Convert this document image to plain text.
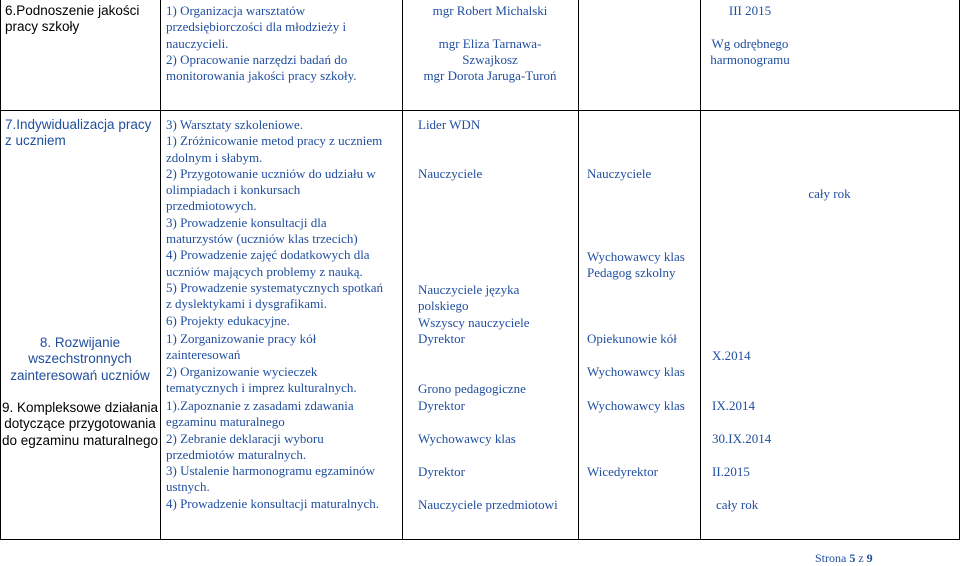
6.Podnoszenie jakości
pracy szkoły
1) Organizacja warsztatów
przedsiębiorczości dla młodzieży i
nauczycieli.
2) Opracowanie narzędzi badań do
monitorowania jakości pracy szkoły.
mgr Robert Michalski

mgr Eliza Tarnawa-
Szwajkosz
mgr Dorota Jaruga-Turoń
III 2015

Wg odrębnego
harmonogramu
7.Indywidualizacja pracy
z uczniem
3) Warsztaty szkoleniowe.
1) Zróżnicowanie metod pracy z uczniem
zdolnym i słabym.
2) Przygotowanie uczniów do udziału w
olimpiadach i konkursach
przedmiotowych.
3) Prowadzenie konsultacji dla
maturzystów (uczniów klas trzecich)
4) Prowadzenie zajęć dodatkowych dla
uczniów mających problemy z nauką.
5) Prowadzenie systematycznych spotkań
z dyslektykami i dysgrafikami.
6) Projekty edukacyjne.
Lider WDN
Nauczyciele
Nauczyciele języka
polskiego
Wszyscy nauczyciele
Nauczyciele
Wychowawcy klas
Pedagog szkolny
cały rok
8. Rozwijanie
wszechstronnych
zainteresowań uczniów
1) Zorganizowanie pracy kół
zainteresowań
2) Organizowanie wycieczek
tematycznych i imprez kulturalnych.
Dyrektor
Grono pedagogiczne
Opiekunowie kół
Wychowawcy klas
X.2014
9. Kompleksowe działania
dotyczące przygotowania
do egzaminu maturalnego
1).Zapoznanie z zasadami zdawania
egzaminu maturalnego
2) Zebranie deklaracji wyboru
przedmiotów maturalnych.
3) Ustalenie harmonogramu egzaminów
ustnych.
4) Prowadzenie konsultacji maturalnych.
Dyrektor
Wychowawcy klas
Dyrektor
Nauczyciele przedmiotowi
Wychowawcy klas
Wicedyrektor
IX.2014
30.IX.2014
II.2015
cały rok
Strona 5 z 9
